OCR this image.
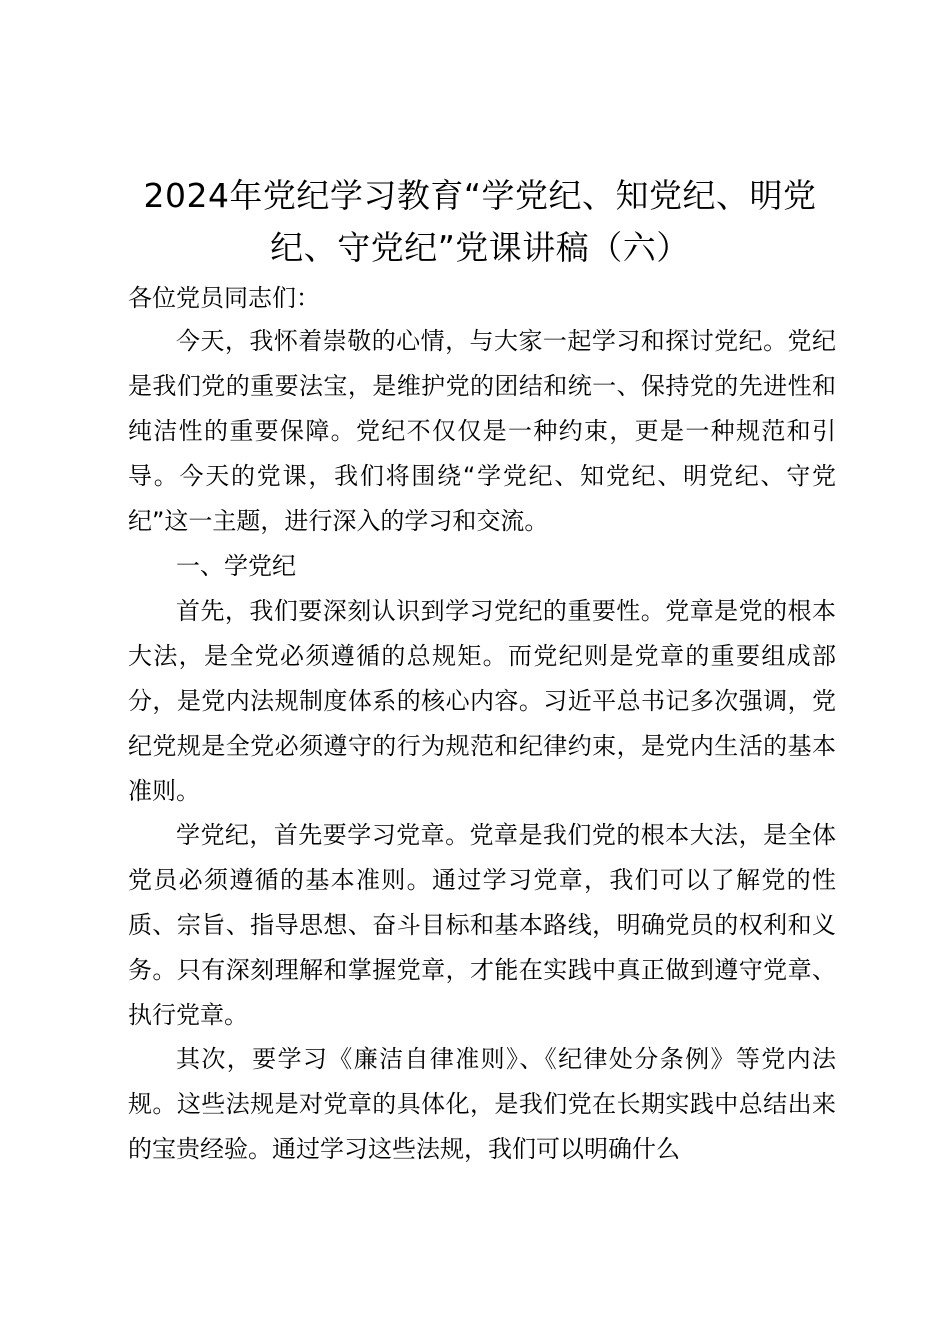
2024年党纪学习教育“学党纪、知党纪、明党纪、守党纪”党课讲稿（六）

各位党员同志们：

今天，我怀着崇敬的心情，与大家一起学习和探讨党纪。党纪是我们党的重要法宝，是维护党的团结和统一、保持党的先进性和纯洁性的重要保障。党纪不仅仅是一种约束，更是一种规范和引导。今天的党课，我们将围绕“学党纪、知党纪、明党纪、守党纪”这一主题，进行深入的学习和交流。

一、学党纪

首先，我们要深刻认识到学习党纪的重要性。党章是党的根本大法，是全党必须遵循的总规矩。而党纪则是党章的重要组成部分，是党内法规制度体系的核心内容。习近平总书记多次强调，党纪党规是全党必须遵守的行为规范和纪律约束，是党内生活的基本准则。

学党纪，首先要学习党章。党章是我们党的根本大法，是全体党员必须遵循的基本准则。通过学习党章，我们可以了解党的性质、宗旨、指导思想、奋斗目标和基本路线，明确党员的权利和义务。只有深刻理解和掌握党章，才能在实践中真正做到遵守党章、执行党章。

其次，要学习《廉洁自律准则》、《纪律处分条例》等党内法规。这些法规是对党章的具体化，是我们党在长期实践中总结出来的宝贵经验。通过学习这些法规，我们可以明确什么
